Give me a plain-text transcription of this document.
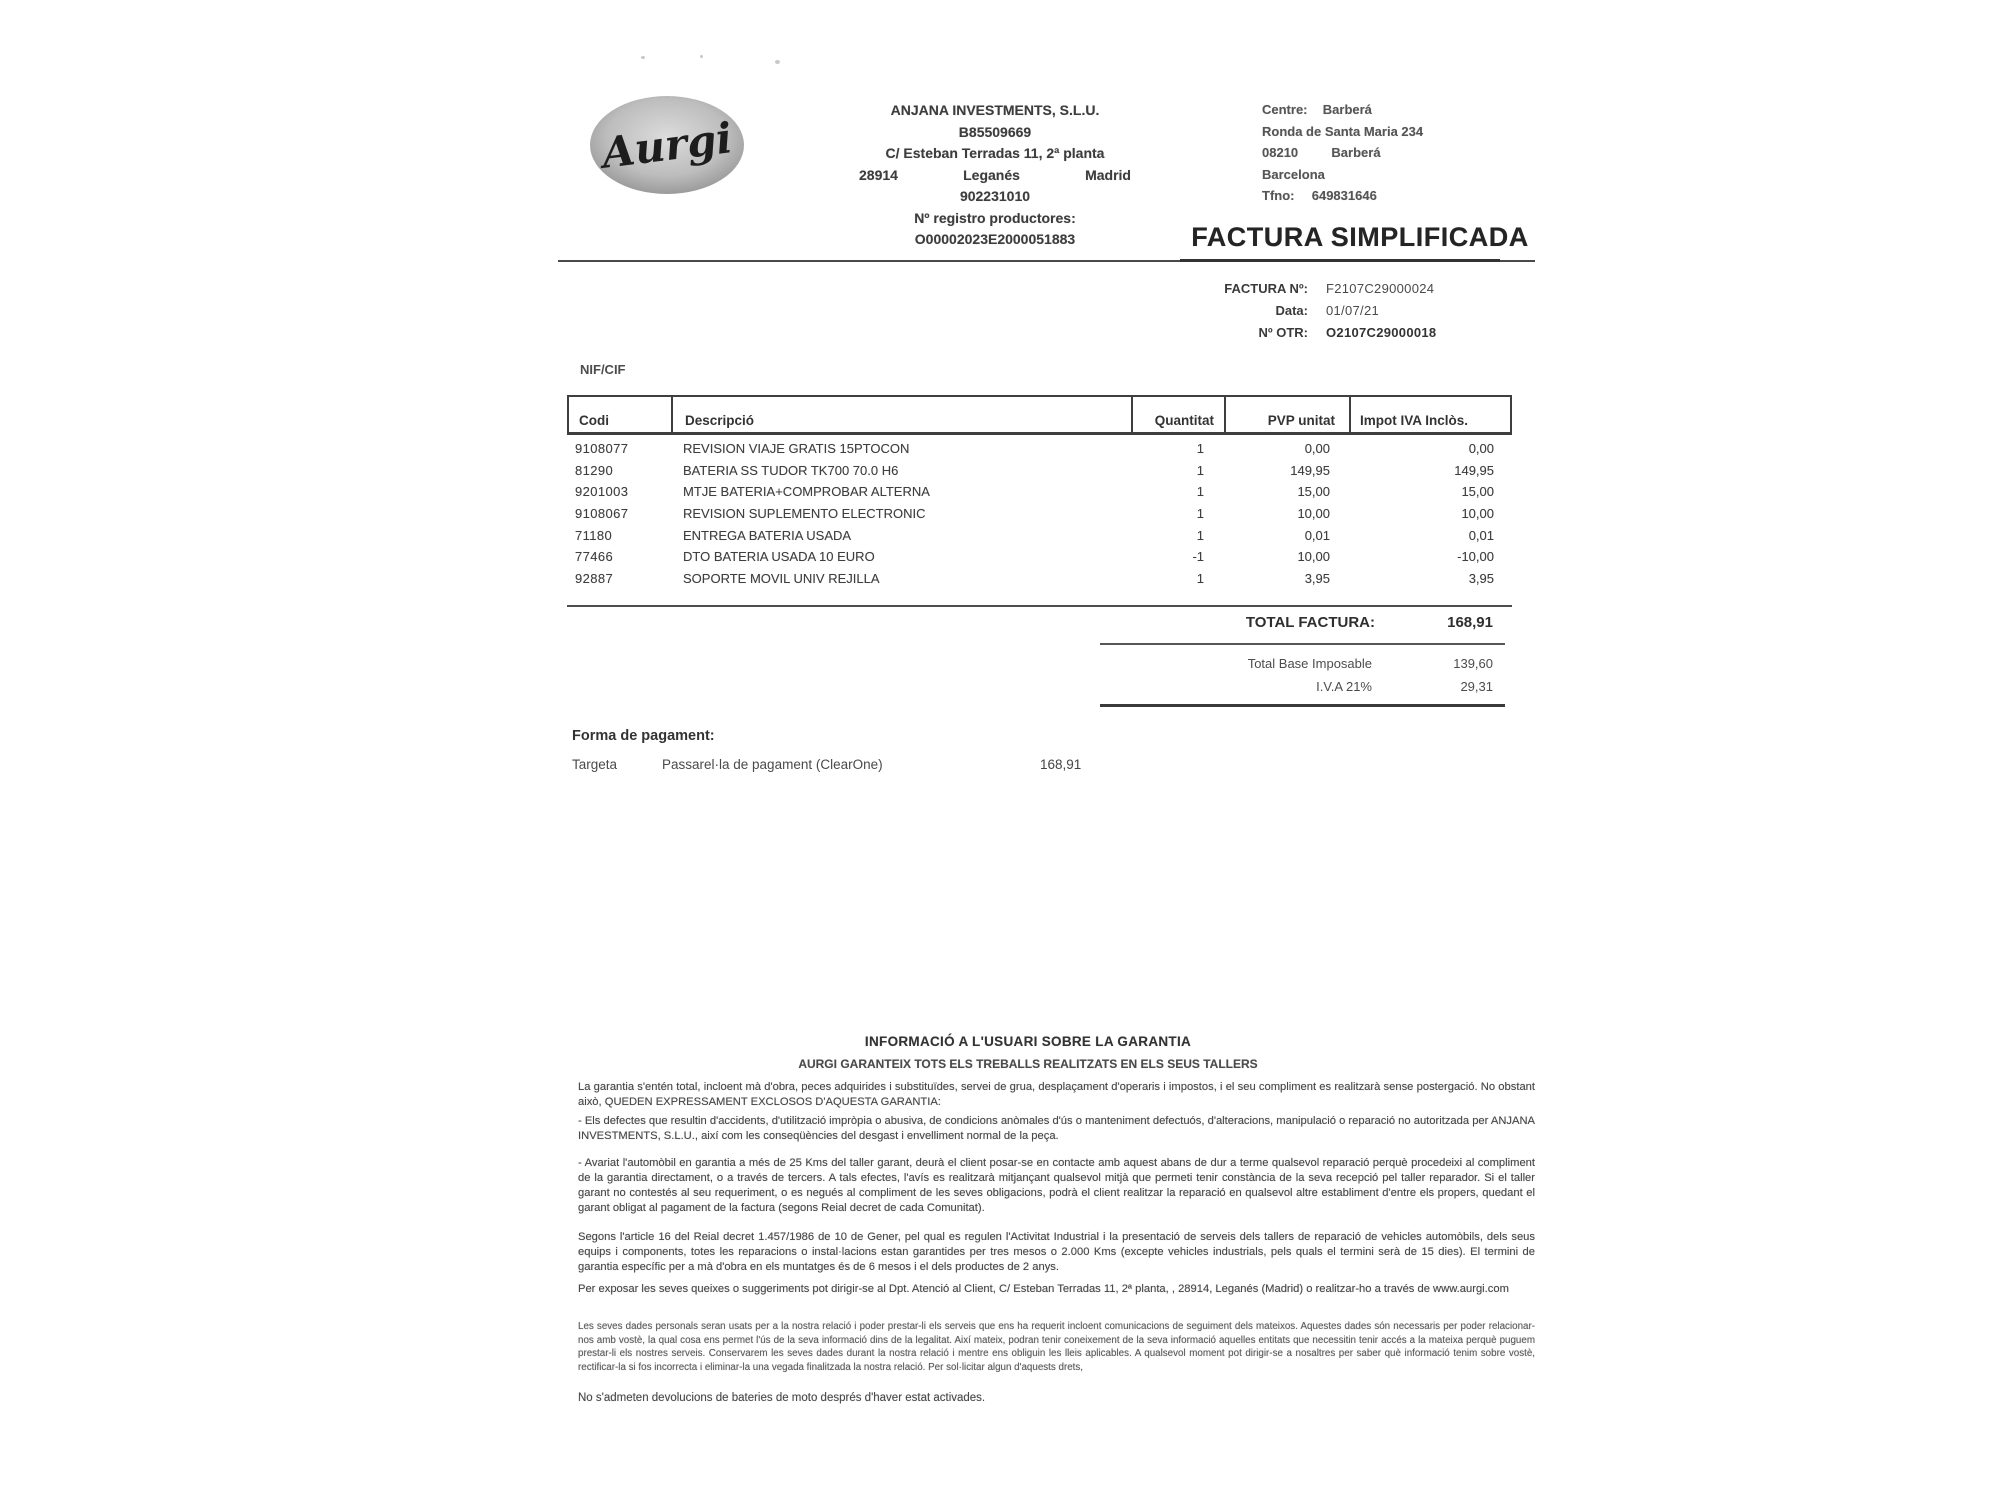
Aurgi
ANJANA INVESTMENTS, S.L.U.
B85509669
C/ Esteban Terradas 11, 2ª planta
28914	Leganés	Madrid
902231010
Nº registro productores:
O00002023E2000051883
Centre: Barberá
Ronda de Santa Maria 234
08210	Barberá
Barcelona
Tfno: 649831646
FACTURA SIMPLIFICADA
FACTURA Nº:	F2107C29000024
Data:	01/07/21
Nº OTR:	O2107C29000018
NIF/CIF
Codi	Descripció	Quantitat	PVP unitat	Impot IVA Inclòs.
9108077	REVISION VIAJE GRATIS 15PTOCON	1	0,00	0,00
81290	BATERIA SS TUDOR TK700 70.0 H6	1	149,95	149,95
9201003	MTJE BATERIA+COMPROBAR ALTERNA	1	15,00	15,00
9108067	REVISION SUPLEMENTO ELECTRONIC	1	10,00	10,00
71180	ENTREGA BATERIA USADA	1	0,01	0,01
77466	DTO BATERIA USADA 10 EURO	-1	10,00	-10,00
92887	SOPORTE MOVIL UNIV REJILLA	1	3,95	3,95
TOTAL FACTURA:	168,91
Total Base Imposable	139,60
I.V.A 21%	29,31
Forma de pagament:
Targeta	Passarel·la de pagament (ClearOne)	168,91
INFORMACIÓ A L'USUARI SOBRE LA GARANTIA
AURGI GARANTEIX TOTS ELS TREBALLS REALITZATS EN ELS SEUS TALLERS
La garantia s'entén total, incloent mà d'obra, peces adquirides i substituïdes, servei de grua, desplaçament d'operaris i impostos, i el seu compliment es realitzarà sense postergació. No obstant això, QUEDEN EXPRESSAMENT EXCLOSOS D'AQUESTA GARANTIA:
- Els defectes que resultin d'accidents, d'utilització impròpia o abusiva, de condicions anòmales d'ús o manteniment defectuós, d'alteracions, manipulació o reparació no autoritzada per ANJANA INVESTMENTS, S.L.U., així com les conseqüències del desgast i envelliment normal de la peça.
- Avariat l'automòbil en garantia a més de 25 Kms del taller garant, deurà el client posar-se en contacte amb aquest abans de dur a terme qualsevol reparació perquè procedeixi al compliment de la garantia directament, o a través de tercers. A tals efectes, l'avís es realitzarà mitjançant qualsevol mitjà que permeti tenir constància de la seva recepció pel taller reparador. Si el taller garant no contestés al seu requeriment, o es negués al compliment de les seves obligacions, podrà el client realitzar la reparació en qualsevol altre establiment d'entre els propers, quedant el garant obligat al pagament de la factura (segons Reial decret de cada Comunitat).
Segons l'article 16 del Reial decret 1.457/1986 de 10 de Gener, pel qual es regulen l'Activitat Industrial i la presentació de serveis dels tallers de reparació de vehicles automòbils, dels seus equips i components, totes les reparacions o instal·lacions estan garantides per tres mesos o 2.000 Kms (excepte vehicles industrials, pels quals el termini serà de 15 dies). El termini de garantia específic per a mà d'obra en els muntatges és de 6 mesos i el dels productes de 2 anys.
Per exposar les seves queixes o suggeriments pot dirigir-se al Dpt. Atenció al Client, C/ Esteban Terradas 11, 2ª planta, , 28914, Leganés (Madrid) o realitzar-ho a través de www.aurgi.com
Les seves dades personals seran usats per a la nostra relació i poder prestar-li els serveis que ens ha requerit incloent comunicacions de seguiment dels mateixos. Aquestes dades són necessaris per poder relacionar-nos amb vostè, la qual cosa ens permet l'ús de la seva informació dins de la legalitat. Així mateix, podran tenir coneixement de la seva informació aquelles entitats que necessitin tenir accés a la mateixa perquè puguem prestar-li els nostres serveis. Conservarem les seves dades durant la nostra relació i mentre ens obliguin les lleis aplicables. A qualsevol moment pot dirigir-se a nosaltres per saber què informació tenim sobre vostè, rectificar-la si fos incorrecta i eliminar-la una vegada finalitzada la nostra relació. Per sol·licitar algun d'aquests drets,
No s'admeten devolucions de bateries de moto després d'haver estat activades.
